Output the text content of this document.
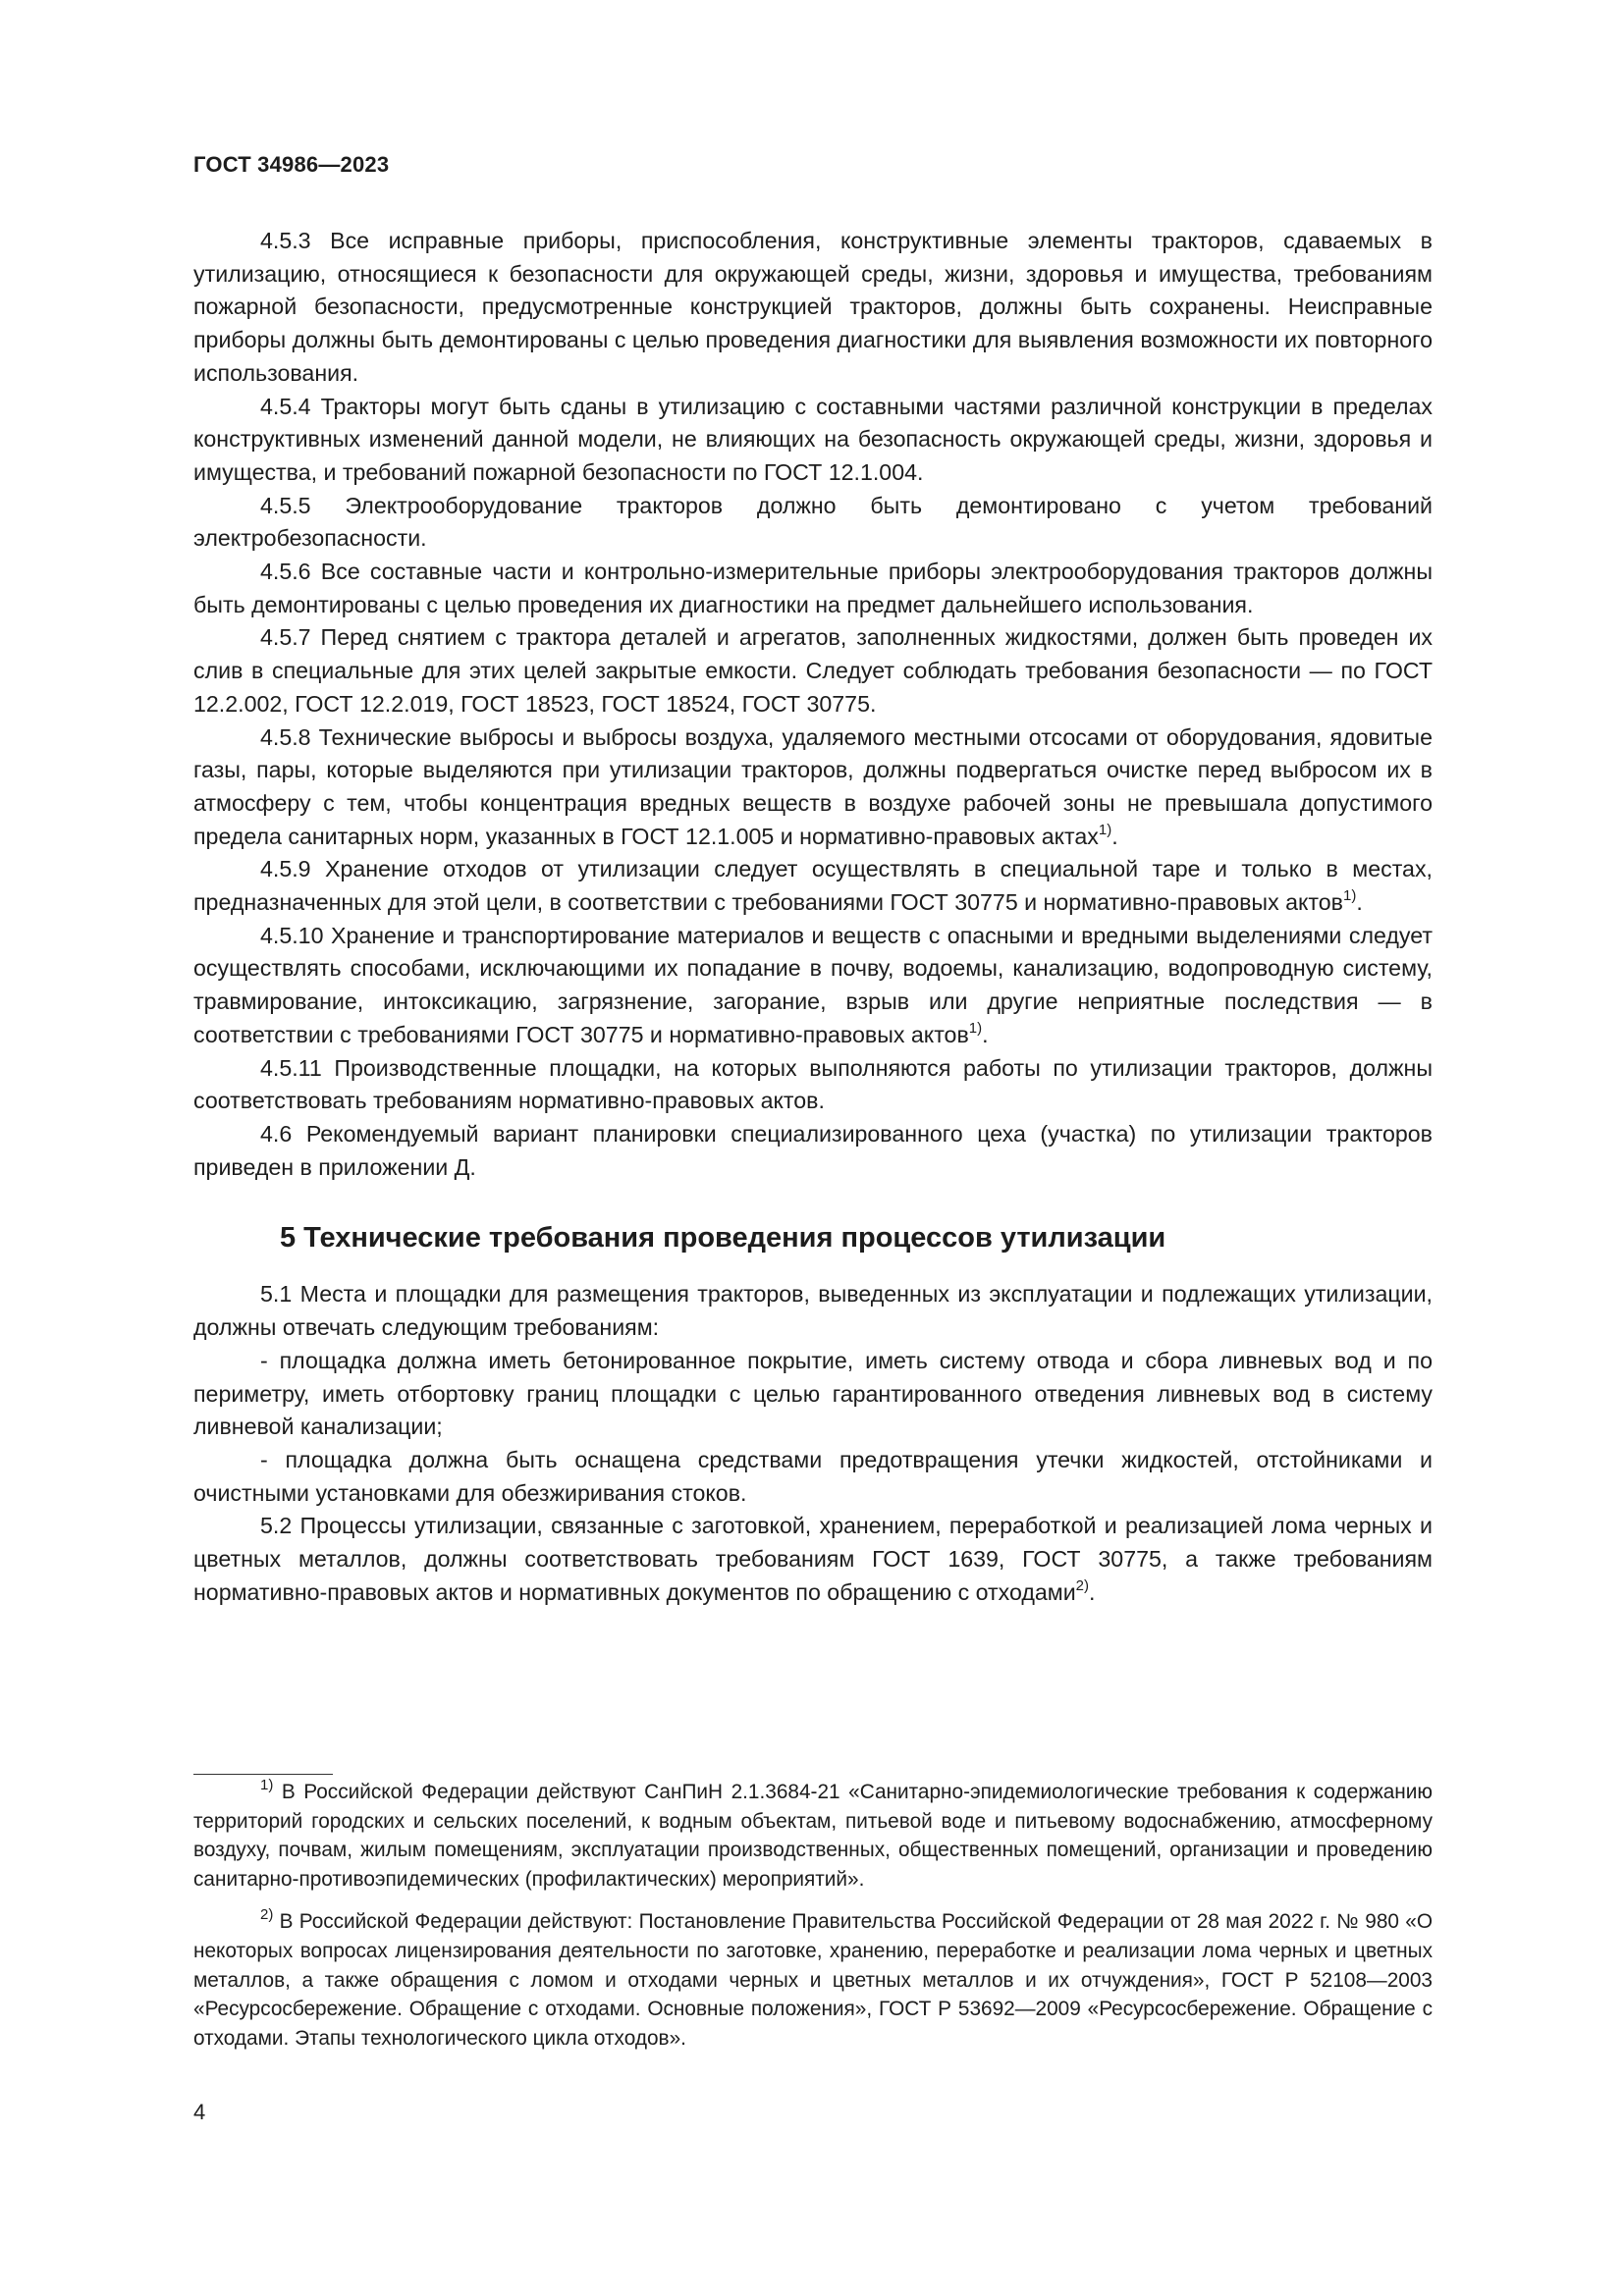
ГОСТ 34986—2023

4.5.3 Все исправные приборы, приспособления, конструктивные элементы тракторов, сдаваемых в утилизацию, относящиеся к безопасности для окружающей среды, жизни, здоровья и имущества, требованиям пожарной безопасности, предусмотренные конструкцией тракторов, должны быть сохранены. Неисправные приборы должны быть демонтированы с целью проведения диагностики для выявления возможности их повторного использования.

4.5.4 Тракторы могут быть сданы в утилизацию с составными частями различной конструкции в пределах конструктивных изменений данной модели, не влияющих на безопасность окружающей среды, жизни, здоровья и имущества, и требований пожарной безопасности по ГОСТ 12.1.004.

4.5.5 Электрооборудование тракторов должно быть демонтировано с учетом требований электробезопасности.

4.5.6 Все составные части и контрольно-измерительные приборы электрооборудования тракторов должны быть демонтированы с целью проведения их диагностики на предмет дальнейшего использования.

4.5.7 Перед снятием с трактора деталей и агрегатов, заполненных жидкостями, должен быть проведен их слив в специальные для этих целей закрытые емкости. Следует соблюдать требования безопасности — по ГОСТ 12.2.002, ГОСТ 12.2.019, ГОСТ 18523, ГОСТ 18524, ГОСТ 30775.

4.5.8 Технические выбросы и выбросы воздуха, удаляемого местными отсосами от оборудования, ядовитые газы, пары, которые выделяются при утилизации тракторов, должны подвергаться очистке перед выбросом их в атмосферу с тем, чтобы концентрация вредных веществ в воздухе рабочей зоны не превышала допустимого предела санитарных норм, указанных в ГОСТ 12.1.005 и нормативно-правовых актах$^{1)}$.

4.5.9 Хранение отходов от утилизации следует осуществлять в специальной таре и только в местах, предназначенных для этой цели, в соответствии с требованиями ГОСТ 30775 и нормативно-правовых актов$^{1)}$.

4.5.10 Хранение и транспортирование материалов и веществ с опасными и вредными выделениями следует осуществлять способами, исключающими их попадание в почву, водоемы, канализацию, водопроводную систему, травмирование, интоксикацию, загрязнение, загорание, взрыв или другие неприятные последствия — в соответствии с требованиями ГОСТ 30775 и нормативно-правовых актов$^{1)}$.

4.5.11 Производственные площадки, на которых выполняются работы по утилизации тракторов, должны соответствовать требованиям нормативно-правовых актов.

4.6 Рекомендуемый вариант планировки специализированного цеха (участка) по утилизации тракторов приведен в приложении Д.

5 Технические требования проведения процессов утилизации

5.1 Места и площадки для размещения тракторов, выведенных из эксплуатации и подлежащих утилизации, должны отвечать следующим требованиям:

- площадка должна иметь бетонированное покрытие, иметь систему отвода и сбора ливневых вод и по периметру, иметь отбортовку границ площадки с целью гарантированного отведения ливневых вод в систему ливневой канализации;

- площадка должна быть оснащена средствами предотвращения утечки жидкостей, отстойниками и очистными установками для обезжиривания стоков.

5.2 Процессы утилизации, связанные с заготовкой, хранением, переработкой и реализацией лома черных и цветных металлов, должны соответствовать требованиям ГОСТ 1639, ГОСТ 30775, а также требованиям нормативно-правовых актов и нормативных документов по обращению с отходами$^{2)}$.

$^{1)}$ В Российской Федерации действуют СанПиН 2.1.3684-21 «Санитарно-эпидемиологические требования к содержанию территорий городских и сельских поселений, к водным объектам, питьевой воде и питьевому водоснабжению, атмосферному воздуху, почвам, жилым помещениям, эксплуатации производственных, общественных помещений, организации и проведению санитарно-противоэпидемических (профилактических) мероприятий».

$^{2)}$ В Российской Федерации действуют: Постановление Правительства Российской Федерации от 28 мая 2022 г. № 980 «О некоторых вопросах лицензирования деятельности по заготовке, хранению, переработке и реализации лома черных и цветных металлов, а также обращения с ломом и отходами черных и цветных металлов и их отчуждения», ГОСТ Р 52108—2003 «Ресурсосбережение. Обращение с отходами. Основные положения», ГОСТ Р 53692—2009 «Ресурсосбережение. Обращение с отходами. Этапы технологического цикла отходов».

4
